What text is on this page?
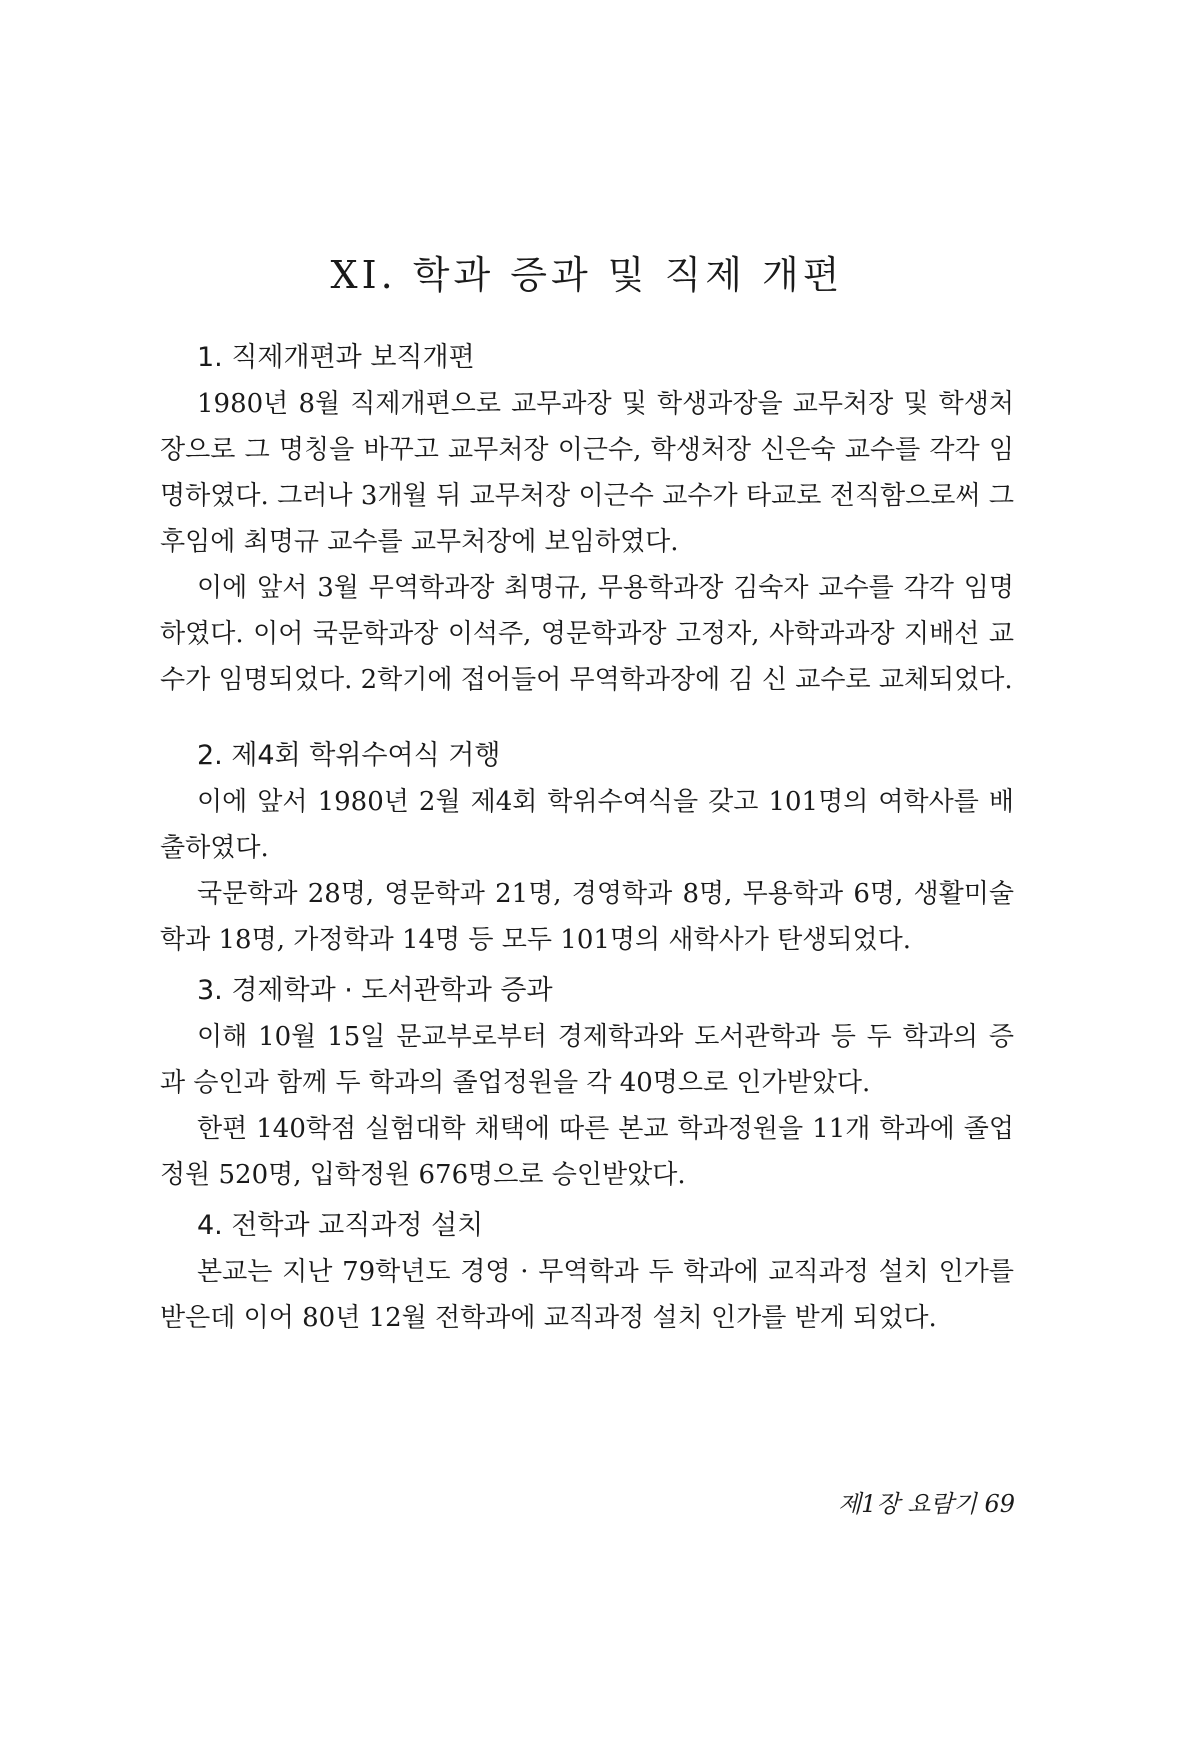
XI. 학과 증과 및 직제 개편
1. 직제개편과 보직개편

1980년 8월 직제개편으로 교무과장 및 학생과장을 교무처장 및 학생처장으로 그 명칭을 바꾸고 교무처장 이근수, 학생처장 신은숙 교수를 각각 임명하였다. 그러나 3개월 뒤 교무처장 이근수 교수가 타교로 전직함으로써 그 후임에 최명규 교수를 교무처장에 보임하였다.

이에 앞서 3월 무역학과장 최명규, 무용학과장 김숙자 교수를 각각 임명하였다. 이어 국문학과장 이석주, 영문학과장 고정자, 사학과과장 지배선 교수가 임명되었다. 2학기에 접어들어 무역학과장에 김 신 교수로 교체되었다.

2. 제4회 학위수여식 거행

이에 앞서 1980년 2월 제4회 학위수여식을 갖고 101명의 여학사를 배출하였다.

국문학과 28명, 영문학과 21명, 경영학과 8명, 무용학과 6명, 생활미술학과 18명, 가정학과 14명 등 모두 101명의 새학사가 탄생되었다.

3. 경제학과 · 도서관학과 증과

이해 10월 15일 문교부로부터 경제학과와 도서관학과 등 두 학과의 증과 승인과 함께 두 학과의 졸업정원을 각 40명으로 인가받았다.

한편 140학점 실험대학 채택에 따른 본교 학과정원을 11개 학과에 졸업정원 520명, 입학정원 676명으로 승인받았다.

4. 전학과 교직과정 설치

본교는 지난 79학년도 경영 · 무역학과 두 학과에 교직과정 설치 인가를 받은데 이어 80년 12월 전학과에 교직과정 설치 인가를 받게 되었다.

제1장 요람기 69
